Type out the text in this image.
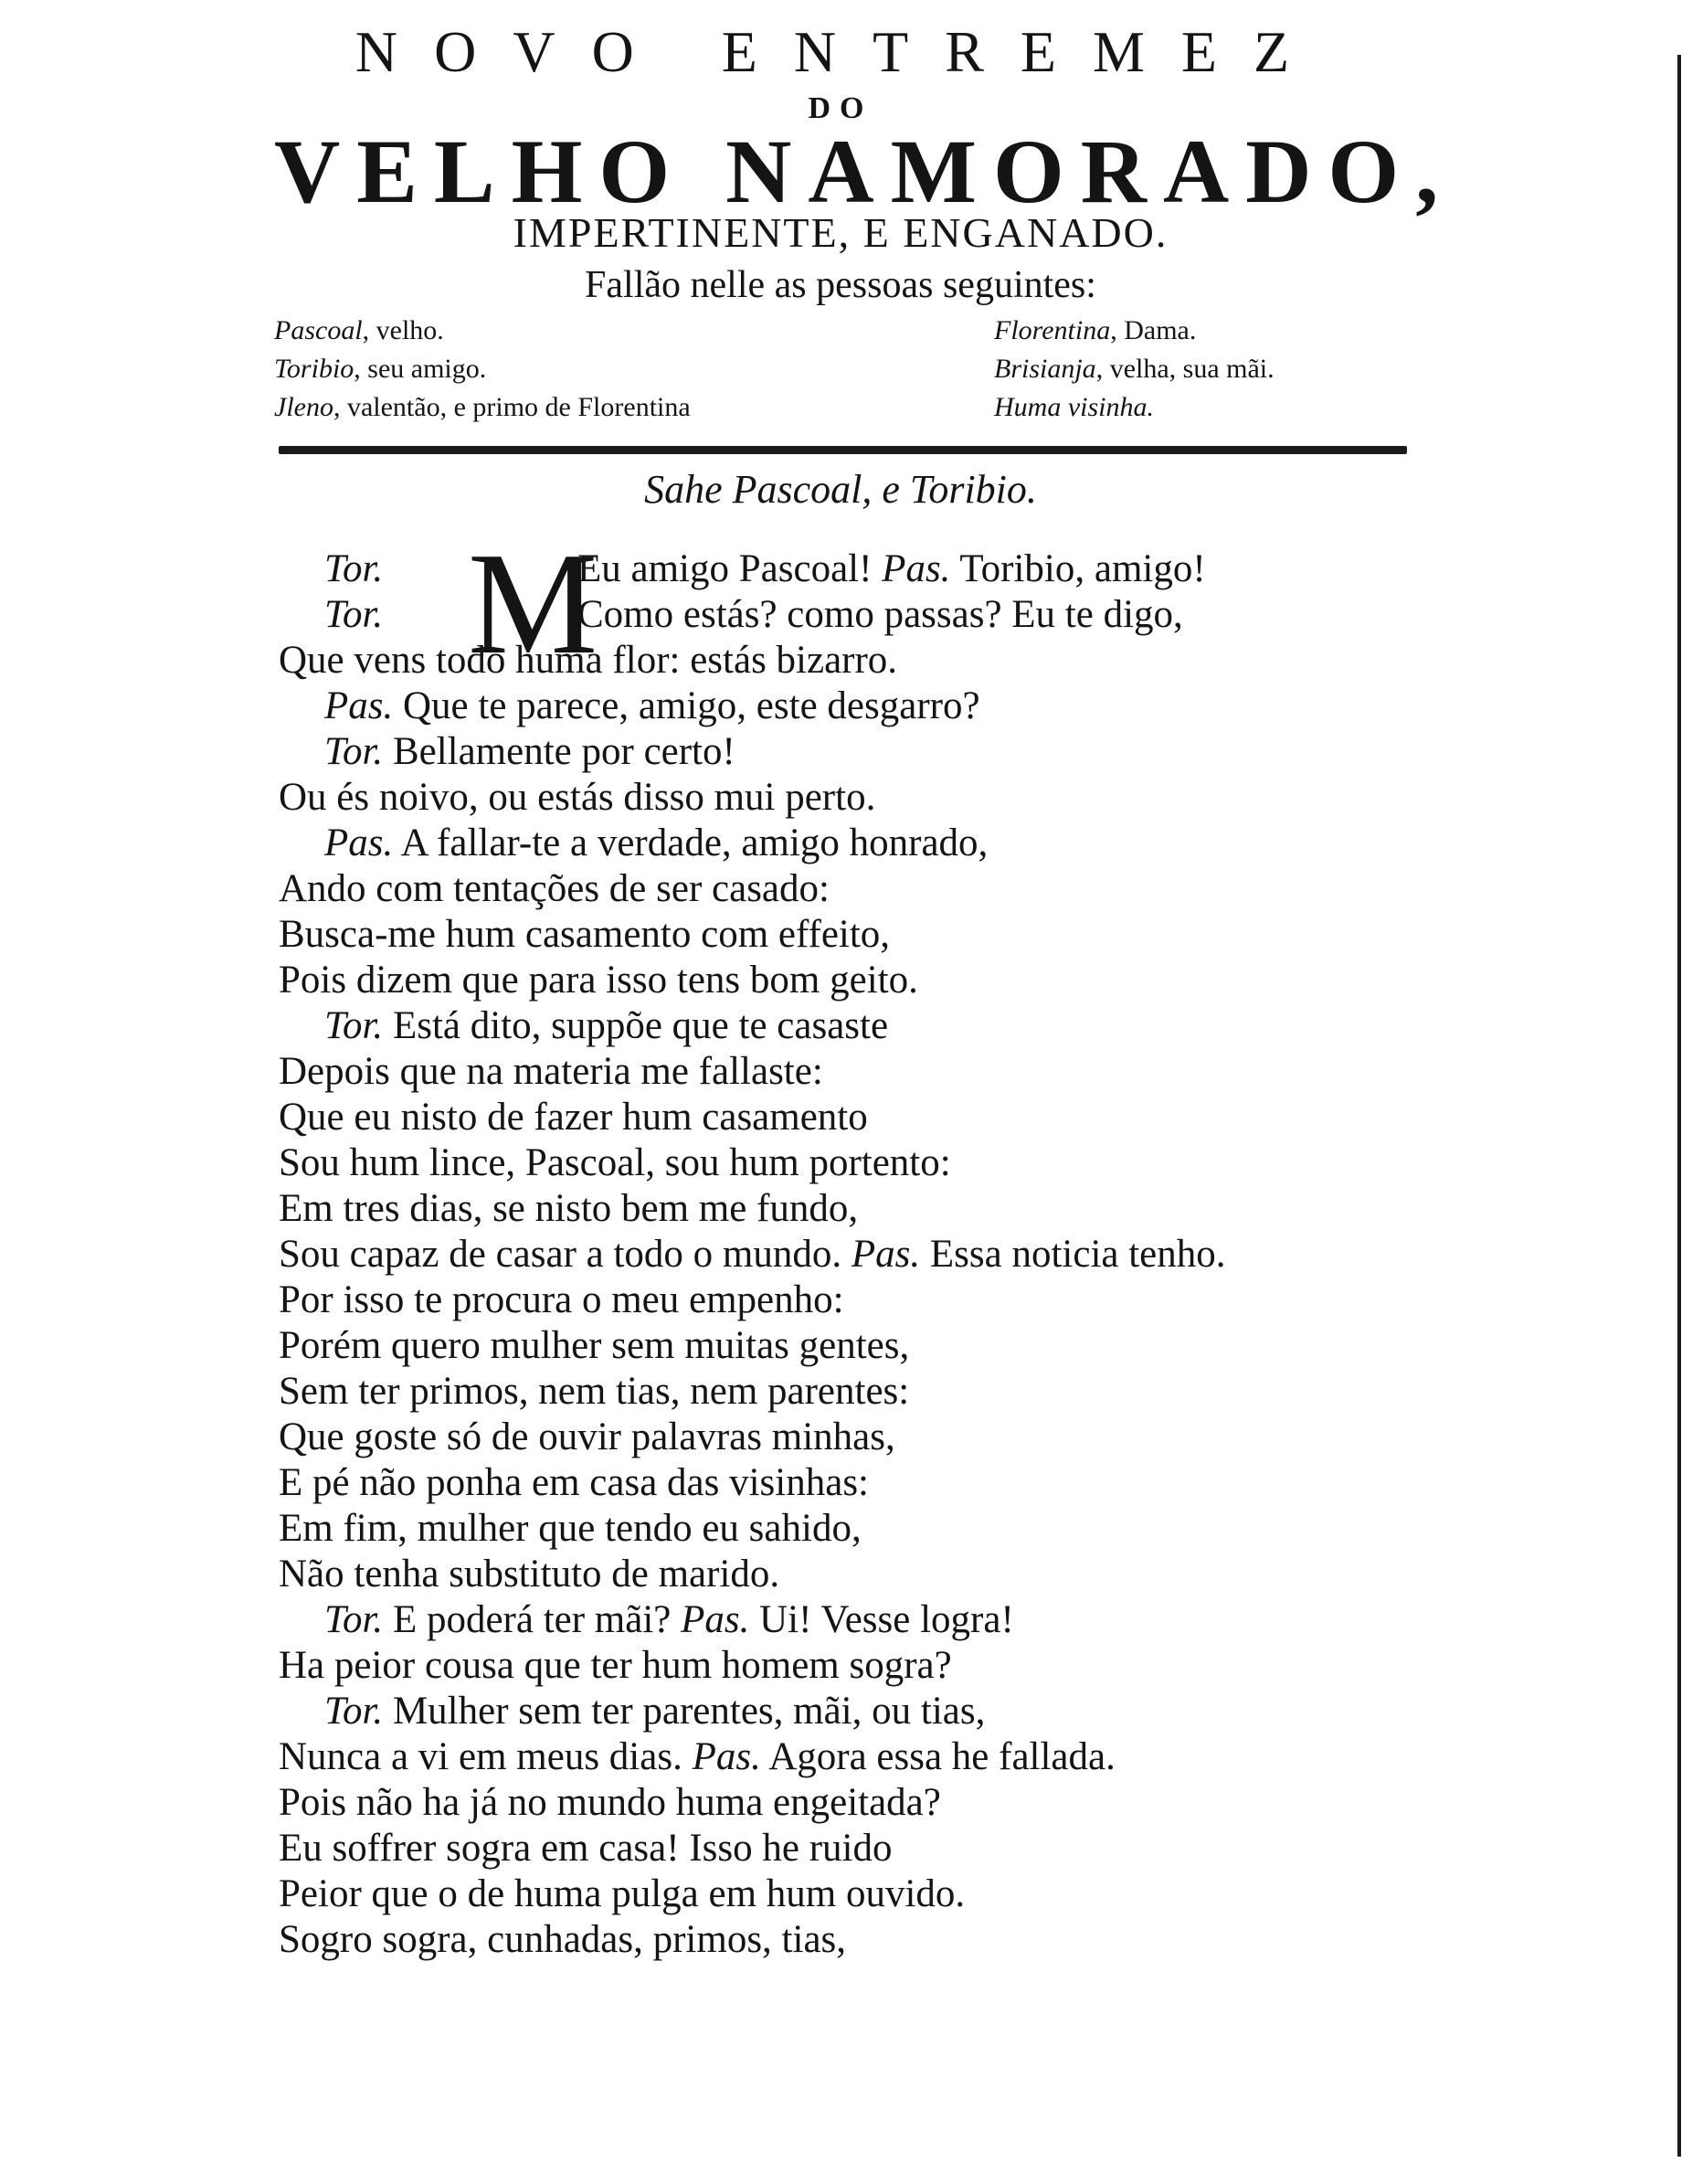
NOVO ENTREMEZ
DO
VELHO NAMORADO,
IMPERTINENTE, E ENGANADO.
Fallão nelle as pessoas seguintes:
Pascoal, velho.
Toribio, seu amigo.
Jleno, valentão, e primo de Florentina
Florentina, Dama.
Brisianja, velha, sua mãi.
Huma visinha.
Sahe Pascoal, e Toribio.
M
Tor.	Eu amigo Pascoal! Pas. Toribio, amigo!
Tor.	Como estás? como passas? Eu te digo,
Que vens todo huma flor: estás bizarro.
Pas. Que te parece, amigo, este desgarro?
Tor. Bellamente por certo!
Ou és noivo, ou estás disso mui perto.
Pas. A fallar-te a verdade, amigo honrado,
Ando com tentações de ser casado:
Busca-me hum casamento com effeito,
Pois dizem que para isso tens bom geito.
Tor. Está dito, suppõe que te casaste
Depois que na materia me fallaste:
Que eu nisto de fazer hum casamento
Sou hum lince, Pascoal, sou hum portento:
Em tres dias, se nisto bem me fundo,
Sou capaz de casar a todo o mundo. Pas. Essa noticia tenho.
Por isso te procura o meu empenho:
Porém quero mulher sem muitas gentes,
Sem ter primos, nem tias, nem parentes:
Que goste só de ouvir palavras minhas,
E pé não ponha em casa das visinhas:
Em fim, mulher que tendo eu sahido,
Não tenha substituto de marido.
Tor. E poderá ter mãi? Pas. Ui! Vesse logra!
Ha peior cousa que ter hum homem sogra?
Tor. Mulher sem ter parentes, mãi, ou tias,
Nunca a vi em meus dias. Pas. Agora essa he fallada.
Pois não ha já no mundo huma engeitada?
Eu soffrer sogra em casa! Isso he ruido
Peior que o de huma pulga em hum ouvido.
Sogro sogra, cunhadas, primos, tias,
